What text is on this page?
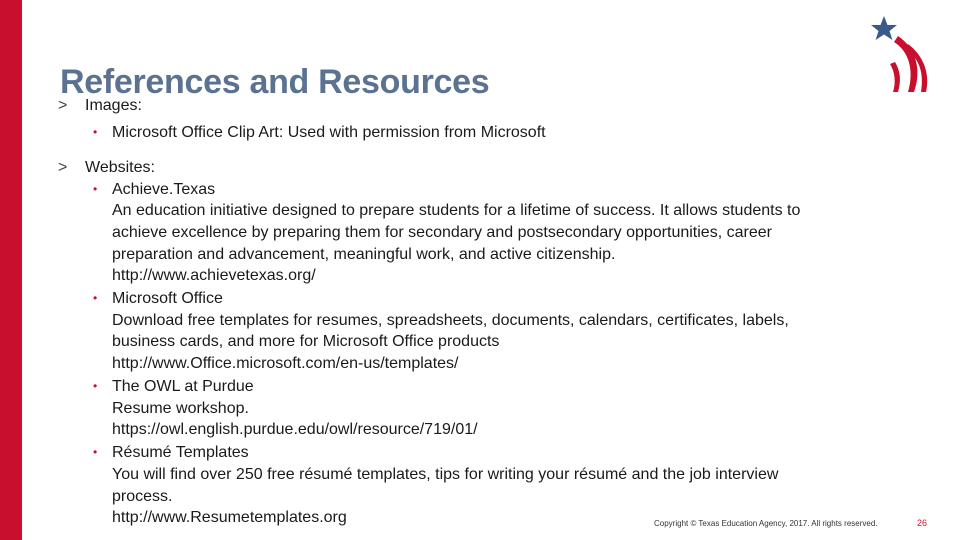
References and Resources
> Images:
• Microsoft Office Clip Art: Used with permission from Microsoft
> Websites:
• Achieve.Texas
An education initiative designed to prepare students for a lifetime of success. It allows students to
achieve excellence by preparing them for secondary and postsecondary opportunities, career
preparation and advancement, meaningful work, and active citizenship.
http://www.achievetexas.org/
• Microsoft Office
Download free templates for resumes, spreadsheets, documents, calendars, certificates, labels,
business cards, and more for Microsoft Office products
http://www.Office.microsoft.com/en-us/templates/
• The OWL at Purdue
Resume workshop.
https://owl.english.purdue.edu/owl/resource/719/01/
• Résumé Templates
You will find over 250 free résumé templates, tips for writing your résumé and the job interview
process.
http://www.Resumetemplates.org	Copyright © Texas Education Agency, 2017. All rights reserved.	26
